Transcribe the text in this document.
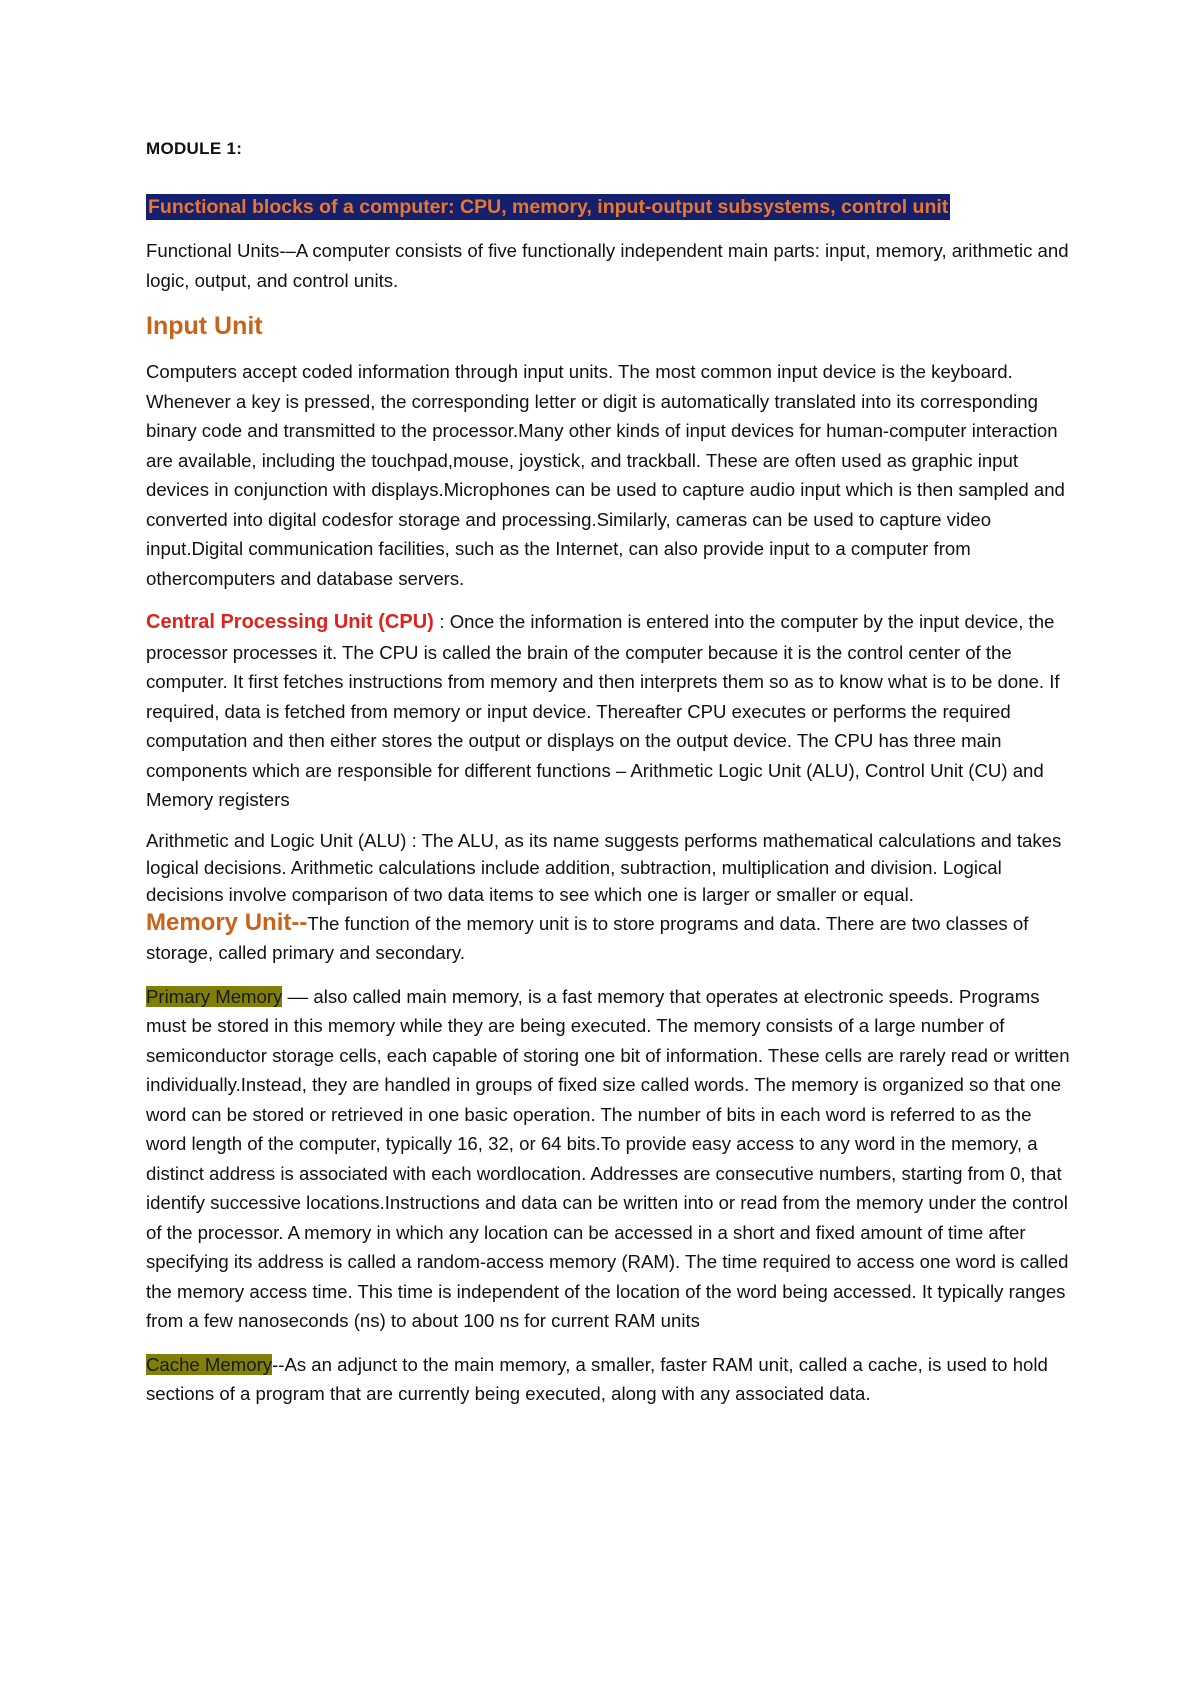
MODULE 1:

Functional blocks of a computer: CPU, memory, input-output subsystems, control unit

Functional Units-–A computer consists of five functionally independent main parts: input, memory, arithmetic and logic, output, and control units.

Input Unit

Computers accept coded information through input units. The most common input device is the keyboard. Whenever a key is pressed, the corresponding letter or digit is automatically translated into its corresponding binary code and transmitted to the processor.Many other kinds of input devices for human-computer interaction are available, including the touchpad,mouse, joystick, and trackball. These are often used as graphic input devices in conjunction with displays.Microphones can be used to capture audio input which is then sampled and converted into digital codesfor storage and processing.Similarly, cameras can be used to capture video input.Digital communication facilities, such as the Internet, can also provide input to a computer from othercomputers and database servers.

Central Processing Unit (CPU) : Once the information is entered into the computer by the input device, the processor processes it. The CPU is called the brain of the computer because it is the control center of the computer. It first fetches instructions from memory and then interprets them so as to know what is to be done. If required, data is fetched from memory or input device. Thereafter CPU executes or performs the required computation and then either stores the output or displays on the output device. The CPU has three main components which are responsible for different functions – Arithmetic Logic Unit (ALU), Control Unit (CU) and Memory registers

Arithmetic and Logic Unit (ALU) : The ALU, as its name suggests performs mathematical calculations and takes logical decisions. Arithmetic calculations include addition, subtraction, multiplication and division. Logical decisions involve comparison of two data items to see which one is larger or smaller or equal.

Memory Unit--The function of the memory unit is to store programs and data. There are two classes of storage, called primary and secondary.

Primary Memory –– also called main memory, is a fast memory that operates at electronic speeds. Programs must be stored in this memory while they are being executed. The memory consists of a large number of semiconductor storage cells, each capable of storing one bit of information. These cells are rarely read or written individually.Instead, they are handled in groups of fixed size called words. The memory is organized so that one word can be stored or retrieved in one basic operation. The number of bits in each word is referred to as the word length of the computer, typically 16, 32, or 64 bits.To provide easy access to any word in the memory, a distinct address is associated with each wordlocation. Addresses are consecutive numbers, starting from 0, that identify successive locations.Instructions and data can be written into or read from the memory under the control of the processor. A memory in which any location can be accessed in a short and fixed amount of time after specifying its address is called a random-access memory (RAM). The time required to access one word is called the memory access time. This time is independent of the location of the word being accessed. It typically ranges from a few nanoseconds (ns) to about 100 ns for current RAM units

Cache Memory--As an adjunct to the main memory, a smaller, faster RAM unit, called a cache, is used to hold sections of a program that are currently being executed, along with any associated data.
